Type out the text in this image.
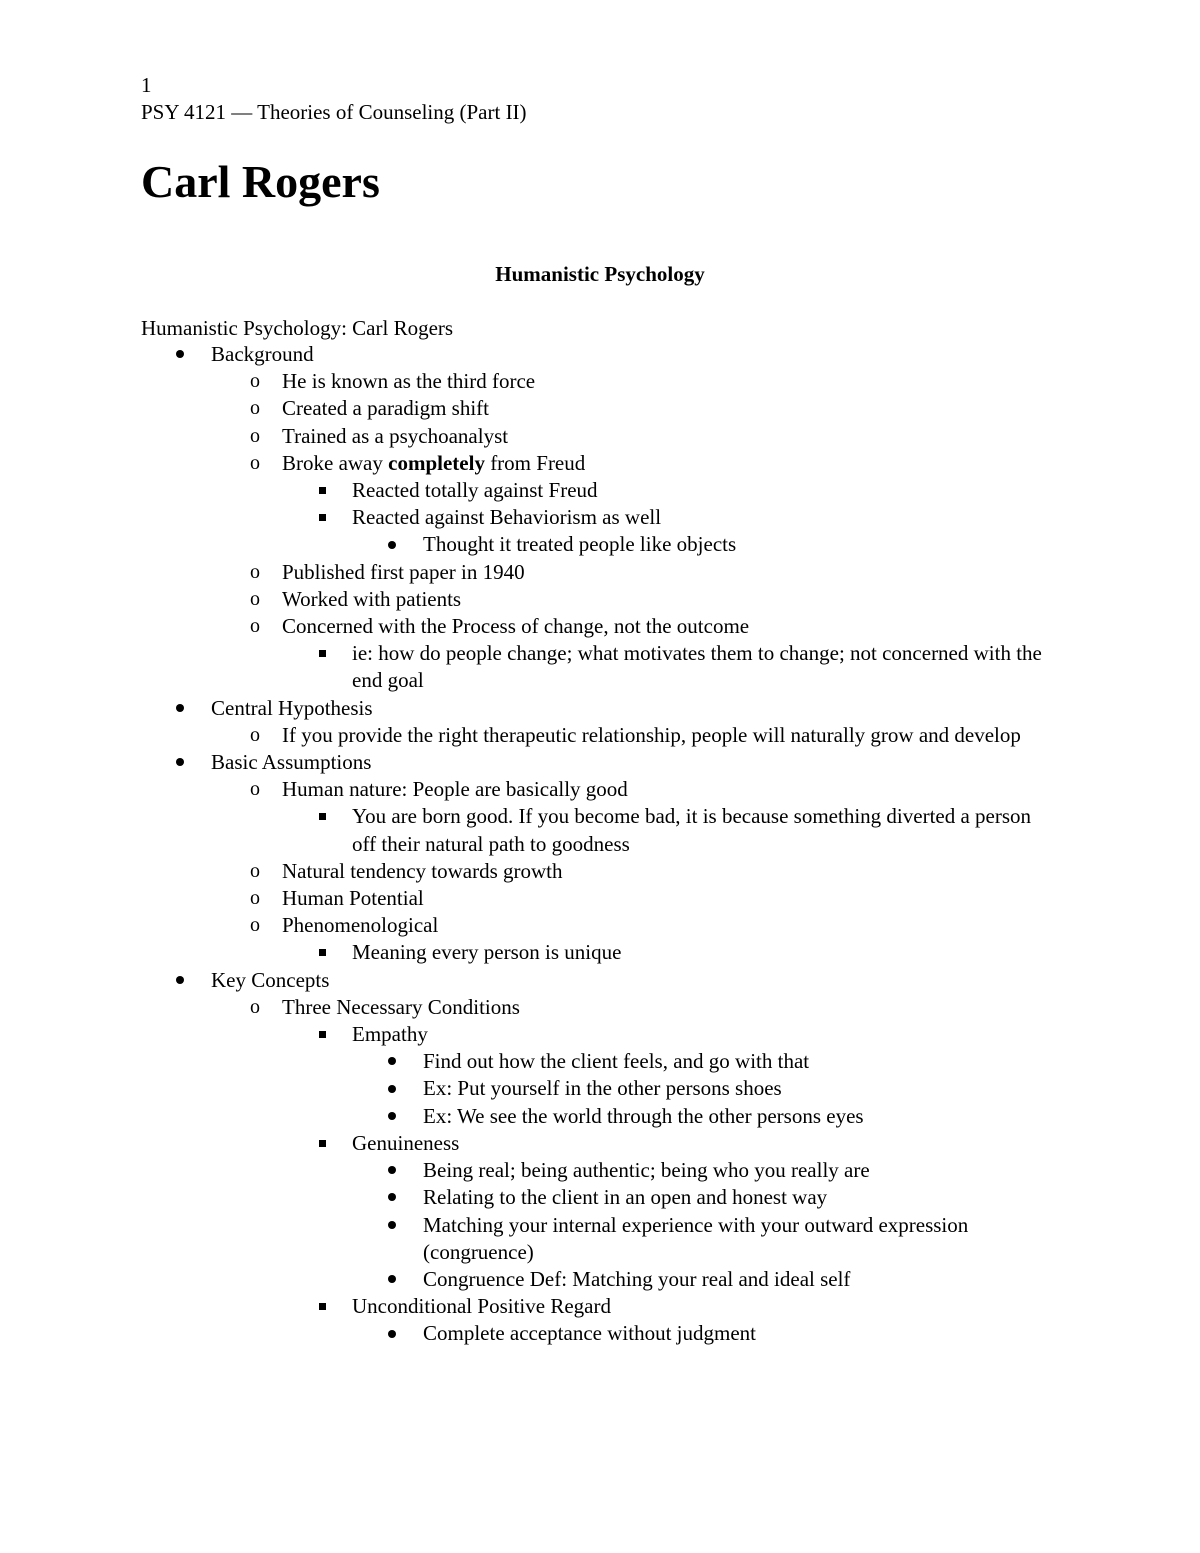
1
PSY 4121 — Theories of Counseling (Part II)
Carl Rogers
Humanistic Psychology
Humanistic Psychology: Carl Rogers
Background
o	He is known as the third force
o	Created a paradigm shift
o	Trained as a psychoanalyst
o	Broke away completely from Freud
Reacted totally against Freud
Reacted against Behaviorism as well
Thought it treated people like objects
o	Published first paper in 1940
o	Worked with patients
o	Concerned with the Process of change, not the outcome
ie: how do people change; what motivates them to change; not concerned with the end goal
Central Hypothesis
o	If you provide the right therapeutic relationship, people will naturally grow and develop
Basic Assumptions
o	Human nature: People are basically good
You are born good. If you become bad, it is because something diverted a person off their natural path to goodness
o	Natural tendency towards growth
o	Human Potential
o	Phenomenological
Meaning every person is unique
Key Concepts
o	Three Necessary Conditions
Empathy
Find out how the client feels, and go with that
Ex: Put yourself in the other persons shoes
Ex: We see the world through the other persons eyes
Genuineness
Being real; being authentic; being who you really are
Relating to the client in an open and honest way
Matching your internal experience with your outward expression (congruence)
Congruence Def: Matching your real and ideal self
Unconditional Positive Regard
Complete acceptance without judgment
